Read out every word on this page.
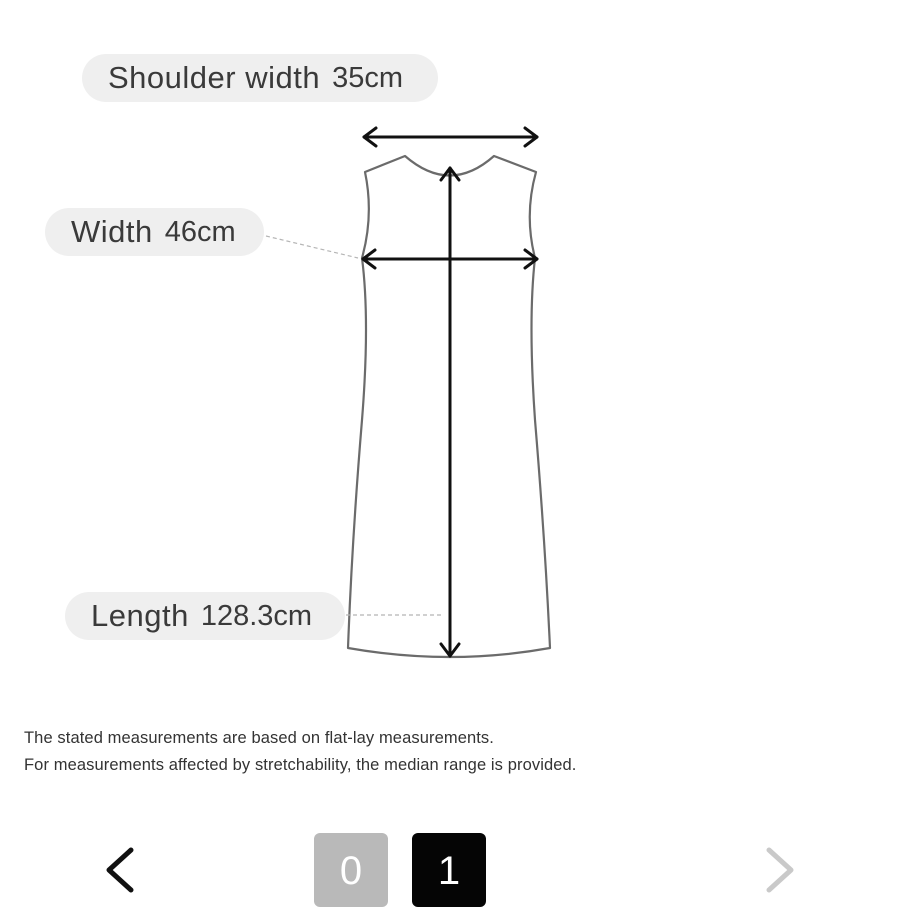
Shoulder width 35cm
Width 46cm
Length 128.3cm
The stated measurements are based on flat-lay measurements.
For measurements affected by stretchability, the median range is provided.
0	1
